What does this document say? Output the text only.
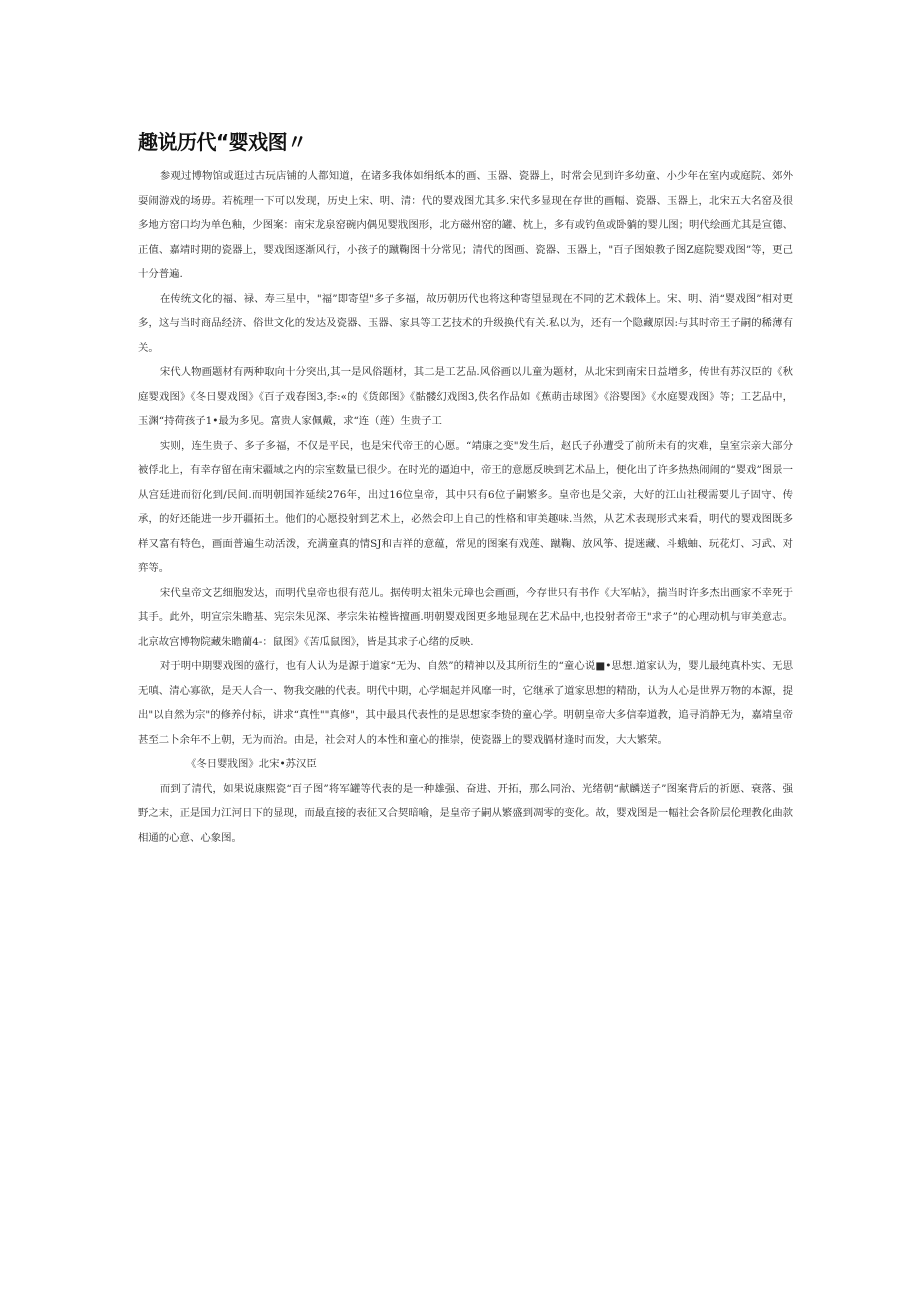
趣说历代“婴戏图〃

参观过博物馆或逛过古玩店铺的人都知道，在诸多我体如绢纸本的画、玉器、瓷器上，时常会见到许多幼童、小少年在室内或庭院、郊外耍闹游戏的场毋。若梳理一下可以发现，历史上宋、明、清：代的婴戏图尤其多.宋代多显现在存世的画幅、瓷器、玉器上，北宋五大名窑及很多地方窑口均为单色釉，少图案：南宋龙泉窑碗内偶见婴戕图形，北方磁州窑的罐、枕上，多有或钓鱼或卧躺的婴儿图；明代绘画尤其是宣德、正值、嘉靖时期的瓷器上，婴戏图逐渐风行，小孩子的蹴鞠图十分常见；清代的图画、瓷器、玉器上，"百子图娘教子图Z庭院婴戏图”等，更己十分普遍.

在传统文化的福、禄、寿三星中，"福”即寄望"多子多福，故历朝历代也将这种寄望显现在不同的艺术载体上。宋、明、消“婴戏图”相对更多，这与当时商品经济、俗世文化的发达及瓷器、玉器、家具等工艺技术的升级换代有关.私以为，还有一个隐藏原因:与其时帝王子嗣的稀薄有关。

宋代人物画题材有两种取向十分突出,其一是风俗题材，其二是工艺品.风俗画以儿童为题材，从北宋到南宋日益增多，传世有苏汉臣的《秋庭婴戏图》《冬日婴戏图》《百子戏春图3,李:«的《货郎图》《骷髅幻戏图3,佚名作品如《蕉萌击球图》《浴婴图》《水庭婴戏图》等；工艺品中，玉渊“持荷孩子1•最为多见。富贵人家佩戴，求“连（莲）生贵子工

实则，连生贵子、多子多福，不仅是平民，也是宋代帝王的心愿。“靖康之变"发生后，赵氏子孙遭受了前所未有的灾难，皇室宗亲大部分被俘北上，有幸存留在南宋疆域之内的宗室数量已很少。在时光的逼迫中，帝王的意愿反映到艺术品上，便化出了许多热热闹闹的“婴戏”图景一从宫廷进而衍化到/民间.而明朝国祚延续276年，出过16位皇帝，其中只有6位子嗣繁多。皇帝也是父亲，大好的江山社稷需要儿子固守、传承，的好还能进一步开疆拓土。他们的心愿投射到艺术上，必然会印上自己的性格和审美趣味.当然，从艺术表现形式来看，明代的婴戏图既多样又富有特色，画面普遍生动活泼，充满童真的情SJ和吉祥的意蕴，常见的图案有戏莲、蹴鞠、放风筝、提迷藏、斗蛾蚰、玩花灯、习武、对弈等。

宋代皇帝文艺细胞发达，而明代皇帝也很有范儿。据传明太祖朱元璋也会画画，今存世只有书作《大军帖》，揣当时许多杰出画家不幸死于其手。此外，明宣宗朱瞻基、宪宗朱见深、孝宗朱祐樘皆擅画.明朝婴戏图更多地显现在艺术品中,也投射者帝王"求子”的心理动机与审美意志。北京故宫博物院藏朱瞻藺4-：鼠图》《苦瓜鼠图》，皆是其求子心绪的反映.

对于明中期婴戏图的盛行，也有人认为是源于道家“无为、自然”的精神以及其所衍生的“童心说■•思想.道家认为，婴儿最纯真朴实、无思无嗔、清心寡欲，是天人合一、物我交融的代表。明代中期，心学堀起并风靡一时，它继承了道家思想的精劭，认为人心是世界万物的本源，提出"以自然为宗"的修养付标，讲求“真性""真修"，其中最具代表性的是思想家李贽的童心学。明朝皇帝大多信奉道教，追寻消静无为，嘉靖皇帝甚至二卜余年不上朝，无为而治。由是，社会对人的本性和童心的推崇，使瓷器上的婴戏膈材逢时而发，大大繁荣。

《冬日婴戕图》北宋•苏汉臣

而到了清代，如果说康熙瓷“百子图”将军罐等代表的是一种雄强、奋进、开拓，那么同治、光绪朝“献麟送子”图案背后的祈愿、衰落、强野之末，正是国力江河日下的显现，而最直接的表征又合契暗喻，是皇帝子嗣从繁盛到凋零的变化。故，婴戏图是一幅社会各阶层伦理教化曲款相通的心意、心象图。
